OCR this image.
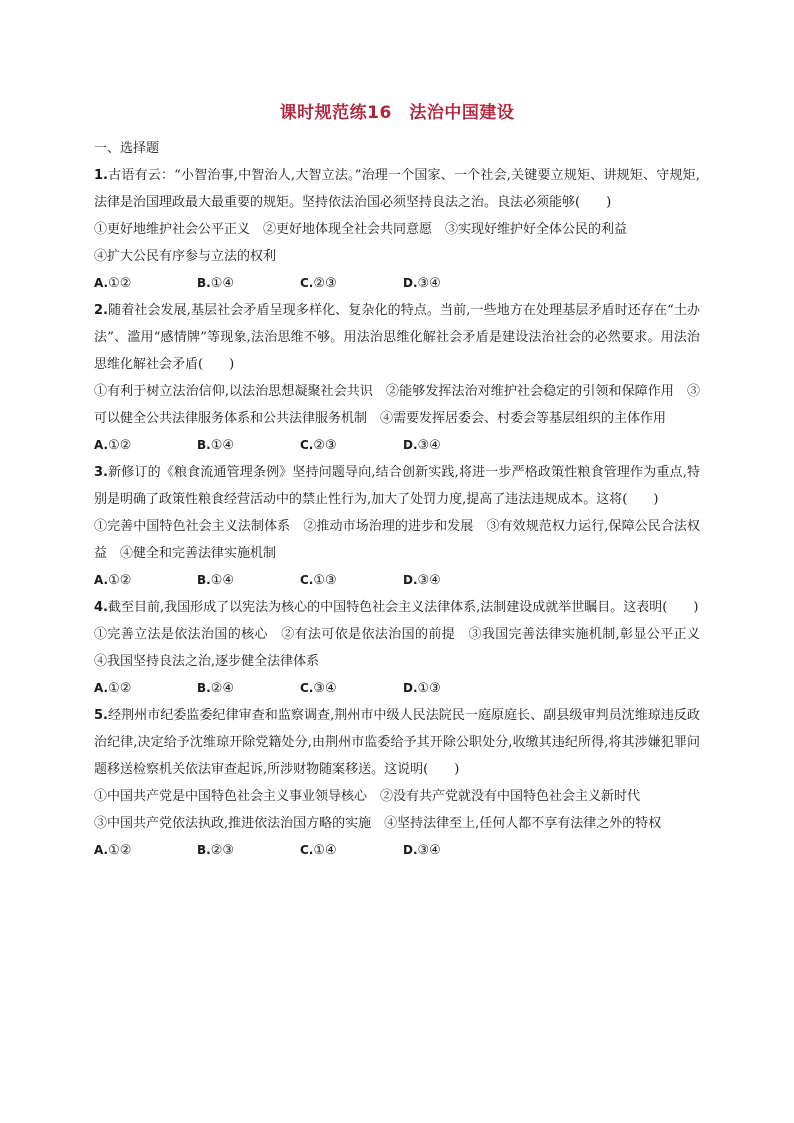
课时规范练16　法治中国建设
一、选择题
1.古语有云：“小智治事,中智治人,大智立法。”治理一个国家、一个社会,关键要立规矩、讲规矩、守规矩,法律是治国理政最大最重要的规矩。坚持依法治国必须坚持良法之治。良法必须能够(　　)
①更好地维护社会公平正义　②更好地体现全社会共同意愿　③实现好维护好全体公民的利益
④扩大公民有序参与立法的权利
A.①②	B.①④	C.②③	D.③④
2.随着社会发展,基层社会矛盾呈现多样化、复杂化的特点。当前,一些地方在处理基层矛盾时还存在“土办法”、滥用“感情牌”等现象,法治思维不够。用法治思维化解社会矛盾是建设法治社会的必然要求。用法治思维化解社会矛盾(　　)
①有利于树立法治信仰,以法治思想凝聚社会共识　②能够发挥法治对维护社会稳定的引领和保障作用　③可以健全公共法律服务体系和公共法律服务机制　④需要发挥居委会、村委会等基层组织的主体作用
A.①②	B.①④	C.②③	D.③④
3.新修订的《粮食流通管理条例》坚持问题导向,结合创新实践,将进一步严格政策性粮食管理作为重点,特别是明确了政策性粮食经营活动中的禁止性行为,加大了处罚力度,提高了违法违规成本。这将(　　)
①完善中国特色社会主义法制体系　②推动市场治理的进步和发展　③有效规范权力运行,保障公民合法权益　④健全和完善法律实施机制
A.①②	B.①④	C.①③	D.③④
4.截至目前,我国形成了以宪法为核心的中国特色社会主义法律体系,法制建设成就举世瞩目。这表明(　　)
①完善立法是依法治国的核心　②有法可依是依法治国的前提　③我国完善法律实施机制,彰显公平正义　④我国坚持良法之治,逐步健全法律体系
A.①②	B.②④	C.③④	D.①③
5.经荆州市纪委监委纪律审查和监察调查,荆州市中级人民法院民一庭原庭长、副县级审判员沈维琼违反政治纪律,决定给予沈维琼开除党籍处分,由荆州市监委给予其开除公职处分,收缴其违纪所得,将其涉嫌犯罪问题移送检察机关依法审查起诉,所涉财物随案移送。这说明(　　)
①中国共产党是中国特色社会主义事业领导核心　②没有共产党就没有中国特色社会主义新时代
③中国共产党依法执政,推进依法治国方略的实施　④坚持法律至上,任何人都不享有法律之外的特权
A.①②	B.②③	C.①④	D.③④
